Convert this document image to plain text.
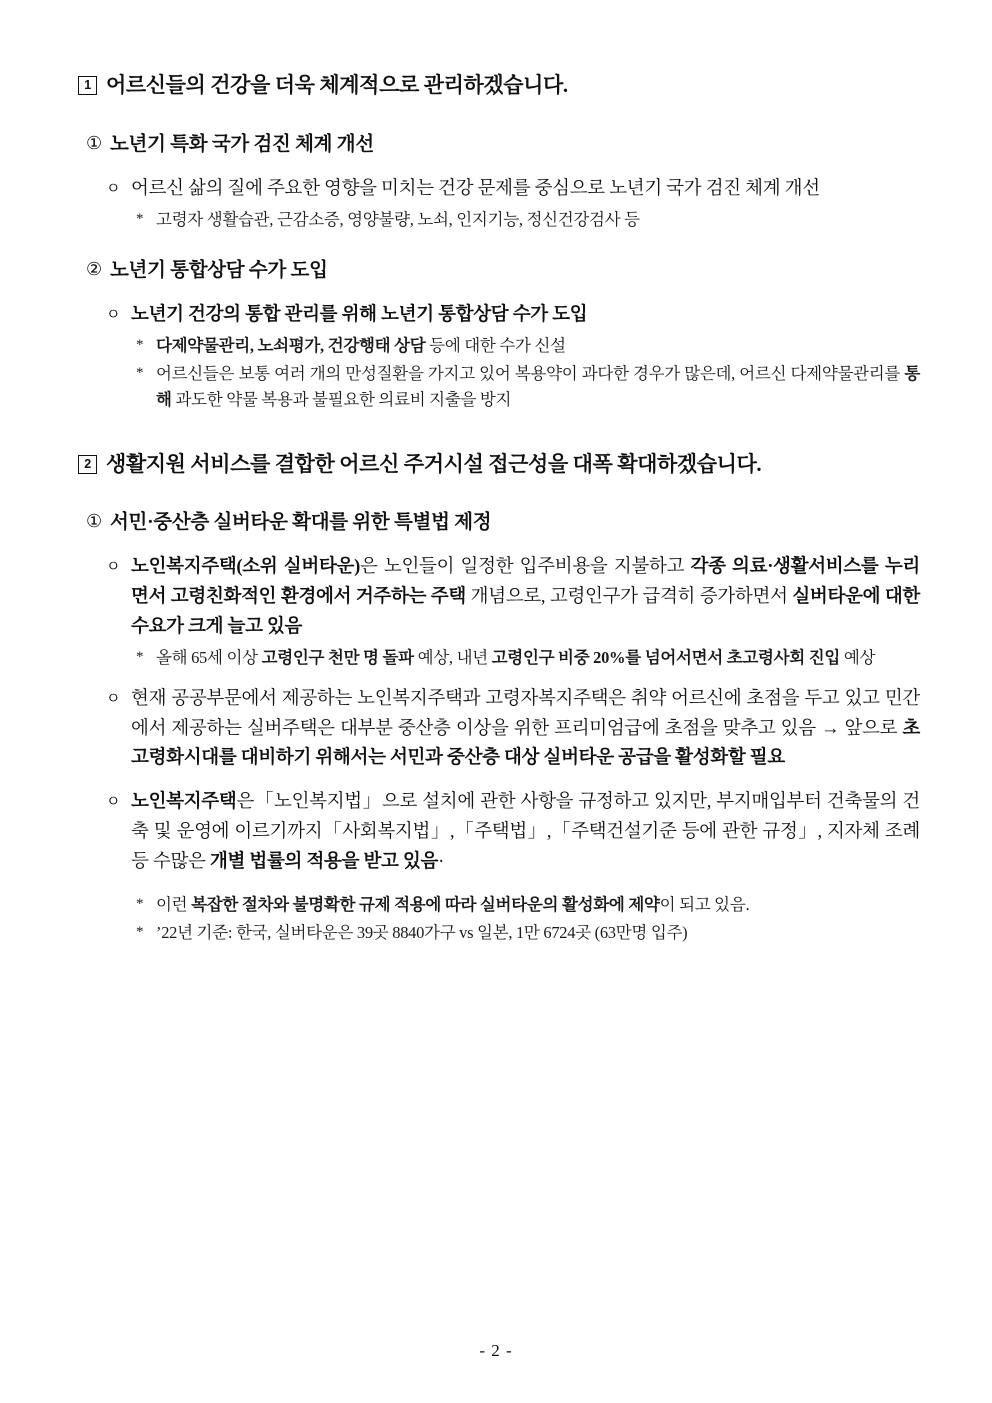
1 어르신들의 건강을 더욱 체계적으로 관리하겠습니다.
① 노년기 특화 국가 검진 체계 개선
ㅇ 어르신 삶의 질에 주요한 영향을 미치는 건강 문제를 중심으로 노년기 국가 검진 체계 개선
* 고령자 생활습관, 근감소증, 영양불량, 노쇠, 인지기능, 정신건강검사 등
② 노년기 통합상담 수가 도입
ㅇ 노년기 건강의 통합 관리를 위해 노년기 통합상담 수가 도입
* 다제약물관리, 노쇠평가, 건강행태 상담 등에 대한 수가 신설
* 어르신들은 보통 여러 개의 만성질환을 가지고 있어 복용약이 과다한 경우가 많은데, 어르신 다제약물관리를 통해 과도한 약물 복용과 불필요한 의료비 지출을 방지
2 생활지원 서비스를 결합한 어르신 주거시설 접근성을 대폭 확대하겠습니다.
① 서민·중산층 실버타운 확대를 위한 특별법 제정
ㅇ 노인복지주택(소위 실버타운)은 노인들이 일정한 입주비용을 지불하고 각종 의료·생활서비스를 누리면서 고령친화적인 환경에서 거주하는 주택 개념으로, 고령인구가 급격히 증가하면서 실버타운에 대한 수요가 크게 늘고 있음
* 올해 65세 이상 고령인구 천만 명 돌파 예상, 내년 고령인구 비중 20%를 넘어서면서 초고령사회 진입 예상
ㅇ 현재 공공부문에서 제공하는 노인복지주택과 고령자복지주택은 취약 어르신에 초점을 두고 있고 민간에서 제공하는 실버주택은 대부분 중산층 이상을 위한 프리미엄급에 초점을 맞추고 있음 → 앞으로 초고령화시대를 대비하기 위해서는 서민과 중산층 대상 실버타운 공급을 활성화할 필요
ㅇ 노인복지주택은「노인복지법」으로 설치에 관한 사항을 규정하고 있지만, 부지매입부터 건축물의 건축 및 운영에 이르기까지「사회복지법」,「주택법」,「주택건설기준 등에 관한 규정」, 지자체 조례 등 수많은 개별 법률의 적용을 받고 있음·
* 이런 복잡한 절차와 불명확한 규제 적용에 따라 실버타운의 활성화에 제약이 되고 있음.
* ’22년 기준: 한국, 실버타운은 39곳 8840가구 vs 일본, 1만 6724곳 (63만명 입주)
- 2 -
